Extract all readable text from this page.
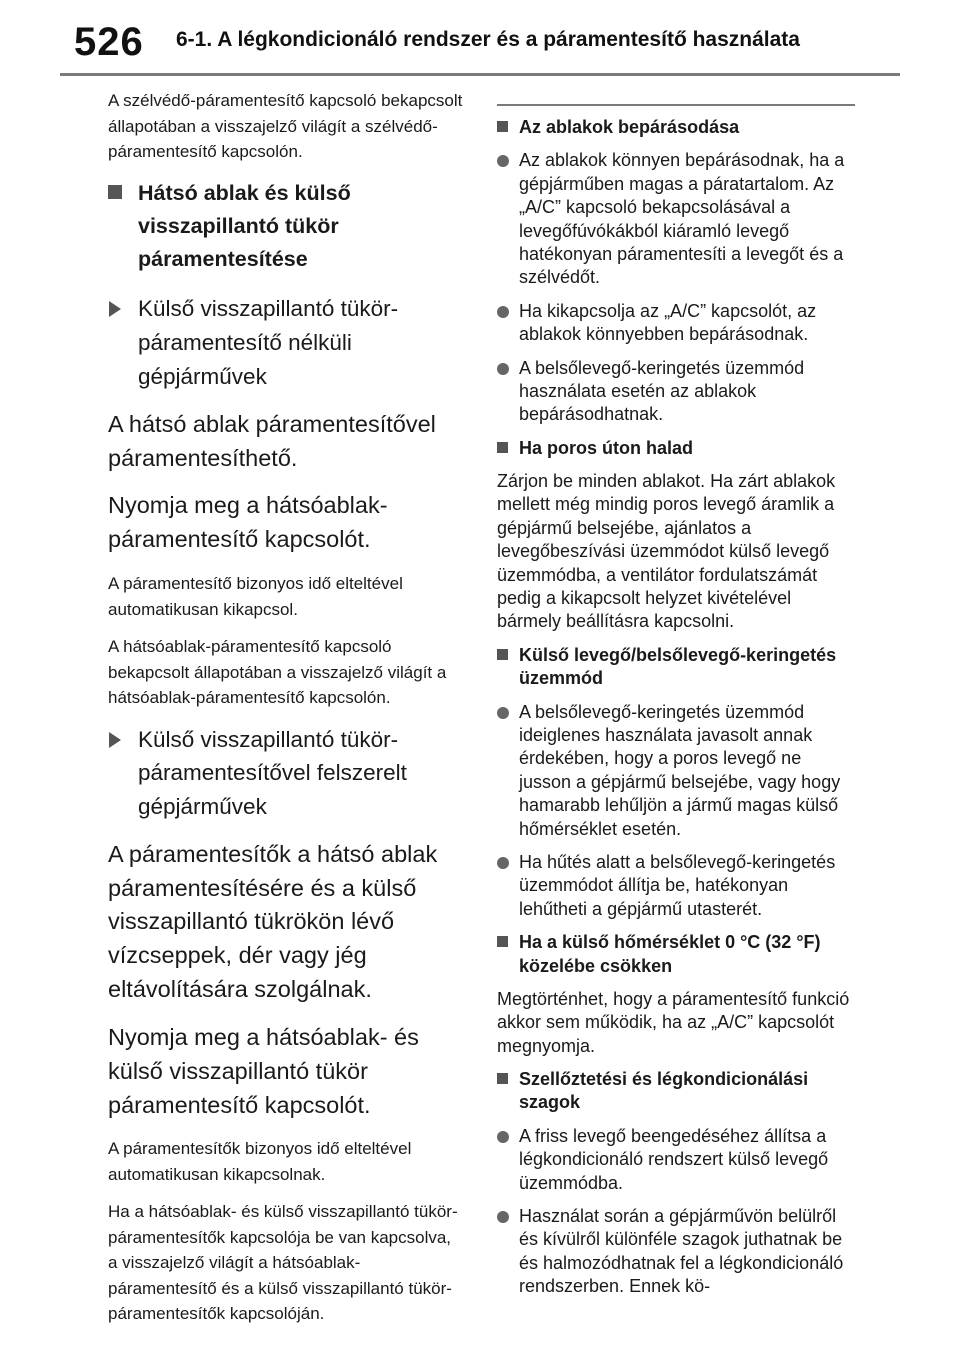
526 6-1. A légkondicionáló rendszer és a páramentesítő használata

A szélvédő-páramentesítő kapcsoló bekapcsolt állapotában a visszajelző világít a szélvédő-páramentesítő kapcsolón.

Hátsó ablak és külső visszapillantó tükör páramentesítése
Külső visszapillantó tükör-páramentesítő nélküli gépjárművek

A hátsó ablak páramentesítővel páramentesíthető.

Nyomja meg a hátsóablak-páramentesítő kapcsolót.

A páramentesítő bizonyos idő elteltével automatikusan kikapcsol.

A hátsóablak-páramentesítő kapcsoló bekapcsolt állapotában a visszajelző világít a hátsóablak-páramentesítő kapcsolón.

Külső visszapillantó tükör-páramentesítővel felszerelt gépjárművek

A páramentesítők a hátsó ablak páramentesítésére és a külső visszapillantó tükrökön lévő vízcseppek, dér vagy jég eltávolítására szolgálnak.

Nyomja meg a hátsóablak- és külső visszapillantó tükör páramentesítő kapcsolót.

A páramentesítők bizonyos idő elteltével automatikusan kikapcsolnak.

Ha a hátsóablak- és külső visszapillantó tükör-páramentesítők kapcsolója be van kapcsolva, a visszajelző világít a hátsóablak-páramentesítő és a külső visszapillantó tükör-páramentesítők kapcsolóján.

Az ablakok bepárásodása
Az ablakok könnyen bepárásodnak, ha a gépjárműben magas a páratartalom. Az „A/C” kapcsoló bekapcsolásával a levegőfúvókákból kiáramló levegő hatékonyan páramentesíti a levegőt és a szélvédőt.
Ha kikapcsolja az „A/C” kapcsolót, az ablakok könnyebben bepárásodnak.
A belsőlevegő-keringetés üzemmód használata esetén az ablakok bepárásodhatnak.
Ha poros úton halad

Zárjon be minden ablakot. Ha zárt ablakok mellett még mindig poros levegő áramlik a gépjármű belsejébe, ajánlatos a levegőbeszívási üzemmódot külső levegő üzemmódba, a ventilátor fordulatszámát pedig a kikapcsolt helyzet kivételével bármely beállításra kapcsolni.

Külső levegő/belsőlevegő-keringetés üzemmód
A belsőlevegő-keringetés üzemmód ideiglenes használata javasolt annak érdekében, hogy a poros levegő ne jusson a gépjármű belsejébe, vagy hogy hamarabb lehűljön a jármű magas külső hőmérséklet esetén.
Ha hűtés alatt a belsőlevegő-keringetés üzemmódot állítja be, hatékonyan lehűtheti a gépjármű utasterét.
Ha a külső hőmérséklet 0 °C (32 °F) közelébe csökken

Megtörténhet, hogy a páramentesítő funkció akkor sem működik, ha az „A/C” kapcsolót megnyomja.

Szellőztetési és légkondicionálási szagok
A friss levegő beengedéséhez állítsa a légkondicionáló rendszert külső levegő üzemmódba.
Használat során a gépjárművön belülről és kívülről különféle szagok juthatnak be és halmozódhatnak fel a légkondicionáló rendszerben. Ennek kö-
